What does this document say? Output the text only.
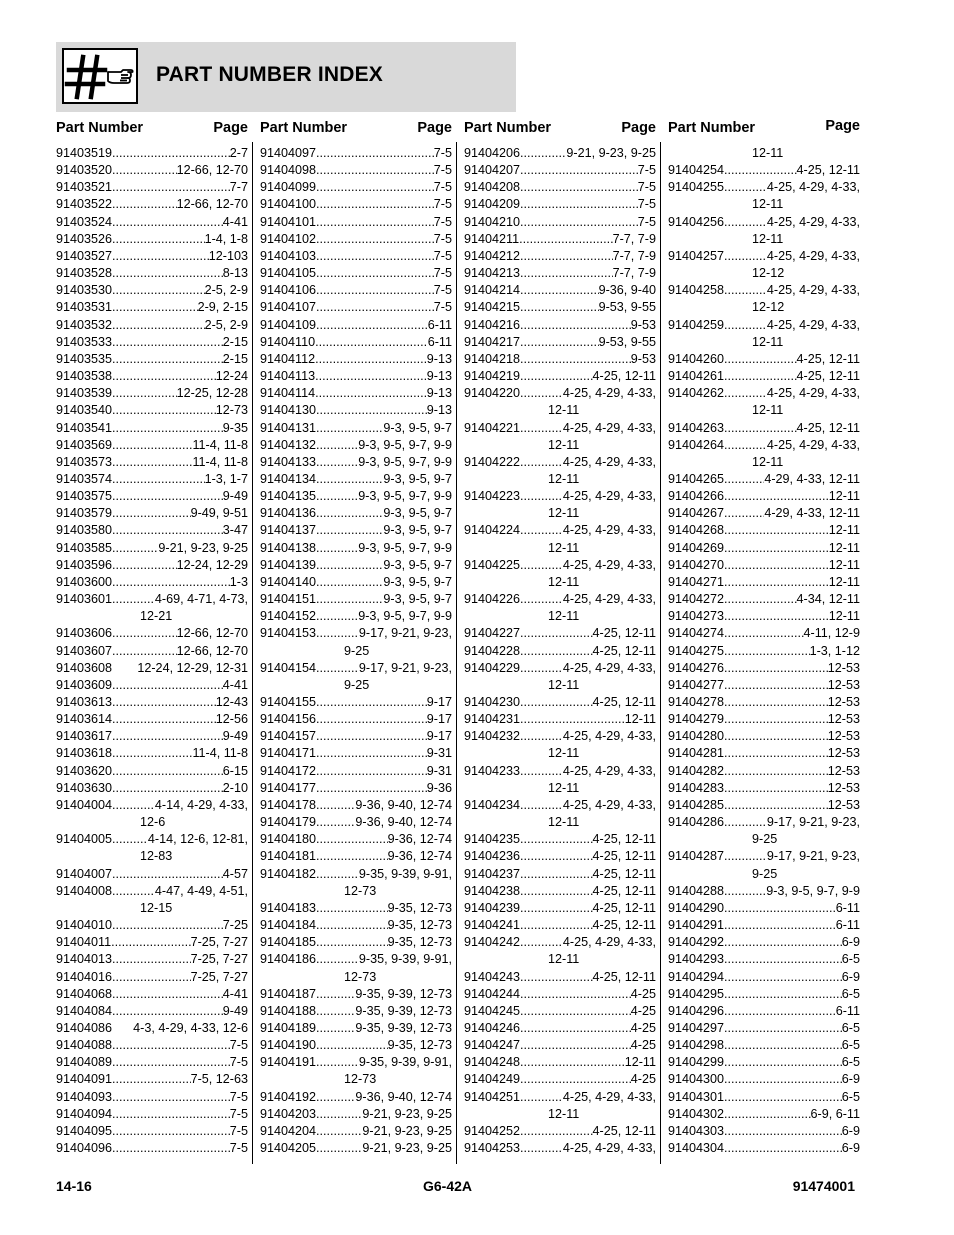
PART NUMBER INDEX
Part Number	Page
91403519 .....	2-7
91403520 .....	12-66, 12-70
91403521 .....	7-7
91403522 .....	12-66, 12-70
91403524 .....	4-41
91403526 .....	1-4, 1-8
91403527 .....	12-103
91403528 .....	8-13
91403530 .....	2-5, 2-9
91403531 .....	2-9, 2-15
91403532 .....	2-5, 2-9
91403533 .....	2-15
91403535 .....	2-15
91403538 .....	12-24
91403539 .....	12-25, 12-28
91403540 .....	12-73
91403541 .....	9-35
91403569 .....	11-4, 11-8
91403573 .....	11-4, 11-8
91403574 .....	1-3, 1-7
91403575 .....	9-49
91403579 .....	9-49, 9-51
91403580 .....	3-47
91403585 .....	9-21, 9-23, 9-25
91403596 .....	12-24, 12-29
91403600 .....	1-3
91403601 .....	4-69, 4-71, 4-73,
12-21
91403606 .....	12-66, 12-70
91403607 .....	12-66, 12-70
91403608 12-24, 12-29, 12-31
91403609 .....	4-41
91403613 .....	12-43
91403614 .....	12-56
91403617 .....	9-49
91403618 .....	11-4, 11-8
91403620 .....	6-15
91403630 .....	2-10
91404004 .....	4-14, 4-29, 4-33,
12-6
91404005 .....	4-14, 12-6, 12-81,
12-83
91404007 .....	4-57
91404008 .....	4-47, 4-49, 4-51,
12-15
91404010 .....	7-25
91404011 .....	7-25, 7-27
91404013 .....	7-25, 7-27
91404016 .....	7-25, 7-27
91404068 .....	4-41
91404084 .....	9-49
91404086 4-3, 4-29, 4-33, 12-6
91404088 .....	7-5
91404089 .....	7-5
91404091 .....	7-5, 12-63
91404093 .....	7-5
91404094 .....	7-5
91404095 .....	7-5
91404096 .....	7-5
Part Number	Page
91404097 .....	7-5
91404098 .....	7-5
91404099 .....	7-5
91404100 .....	7-5
91404101 .....	7-5
91404102 .....	7-5
91404103 .....	7-5
91404105 .....	7-5
91404106 .....	7-5
91404107 .....	7-5
91404109 .....	6-11
91404110 .....	6-11
91404112 .....	9-13
91404113 .....	9-13
91404114 .....	9-13
91404130 .....	9-13
91404131 .....	9-3, 9-5, 9-7
91404132 .....	9-3, 9-5, 9-7, 9-9
91404133 .....	9-3, 9-5, 9-7, 9-9
91404134 .....	9-3, 9-5, 9-7
91404135 .....	9-3, 9-5, 9-7, 9-9
91404136 .....	9-3, 9-5, 9-7
91404137 .....	9-3, 9-5, 9-7
91404138 .....	9-3, 9-5, 9-7, 9-9
91404139 .....	9-3, 9-5, 9-7
91404140 .....	9-3, 9-5, 9-7
91404151 .....	9-3, 9-5, 9-7
91404152 .....	9-3, 9-5, 9-7, 9-9
91404153 .....	9-17, 9-21, 9-23,
9-25
91404154 .....	9-17, 9-21, 9-23,
9-25
91404155 .....	9-17
91404156 .....	9-17
91404157 .....	9-17
91404171 .....	9-31
91404172 .....	9-31
91404177 .....	9-36
91404178 .....	9-36, 9-40, 12-74
91404179 .....	9-36, 9-40, 12-74
91404180 .....	9-36, 12-74
91404181 .....	9-36, 12-74
91404182 .....	9-35, 9-39, 9-91,
12-73
91404183 .....	9-35, 12-73
91404184 .....	9-35, 12-73
91404185 .....	9-35, 12-73
91404186 .....	9-35, 9-39, 9-91,
12-73
91404187 .....	9-35, 9-39, 12-73
91404188 .....	9-35, 9-39, 12-73
91404189 .....	9-35, 9-39, 12-73
91404190 .....	9-35, 12-73
91404191 .....	9-35, 9-39, 9-91,
12-73
91404192 .....	9-36, 9-40, 12-74
91404203 .....	9-21, 9-23, 9-25
91404204 .....	9-21, 9-23, 9-25
91404205 .....	9-21, 9-23, 9-25
Part Number	Page
91404206 .....	9-21, 9-23, 9-25
91404207 .....	7-5
91404208 .....	7-5
91404209 .....	7-5
91404210 .....	7-5
91404211 .....	7-7, 7-9
91404212 .....	7-7, 7-9
91404213 .....	7-7, 7-9
91404214 .....	9-36, 9-40
91404215 .....	9-53, 9-55
91404216 .....	9-53
91404217 .....	9-53, 9-55
91404218 .....	9-53
91404219 .....	4-25, 12-11
91404220 .....	4-25, 4-29, 4-33,
12-11
91404221 .....	4-25, 4-29, 4-33,
12-11
91404222 .....	4-25, 4-29, 4-33,
12-11
91404223 .....	4-25, 4-29, 4-33,
12-11
91404224 .....	4-25, 4-29, 4-33,
12-11
91404225 .....	4-25, 4-29, 4-33,
12-11
91404226 .....	4-25, 4-29, 4-33,
12-11
91404227 .....	4-25, 12-11
91404228 .....	4-25, 12-11
91404229 .....	4-25, 4-29, 4-33,
12-11
91404230 .....	4-25, 12-11
91404231 .....	12-11
91404232 .....	4-25, 4-29, 4-33,
12-11
91404233 .....	4-25, 4-29, 4-33,
12-11
91404234 .....	4-25, 4-29, 4-33,
12-11
91404235 .....	4-25, 12-11
91404236 .....	4-25, 12-11
91404237 .....	4-25, 12-11
91404238 .....	4-25, 12-11
91404239 .....	4-25, 12-11
91404241 .....	4-25, 12-11
91404242 .....	4-25, 4-29, 4-33,
12-11
91404243 .....	4-25, 12-11
91404244 .....	4-25
91404245 .....	4-25
91404246 .....	4-25
91404247 .....	4-25
91404248 .....	12-11
91404249 .....	4-25
91404251 .....	4-25, 4-29, 4-33,
12-11
91404252 .....	4-25, 12-11
91404253 .....	4-25, 4-29, 4-33,
Part Number	Page
12-11
91404254 .....	4-25, 12-11
91404255 .....	4-25, 4-29, 4-33,
12-11
91404256 .....	4-25, 4-29, 4-33,
12-11
91404257 .....	4-25, 4-29, 4-33,
12-12
91404258 .....	4-25, 4-29, 4-33,
12-12
91404259 .....	4-25, 4-29, 4-33,
12-11
91404260 .....	4-25, 12-11
91404261 .....	4-25, 12-11
91404262 .....	4-25, 4-29, 4-33,
12-11
91404263 .....	4-25, 12-11
91404264 .....	4-25, 4-29, 4-33,
12-11
91404265 .....	4-29, 4-33, 12-11
91404266 .....	12-11
91404267 .....	4-29, 4-33, 12-11
91404268 .....	12-11
91404269 .....	12-11
91404270 .....	12-11
91404271 .....	12-11
91404272 .....	4-34, 12-11
91404273 .....	12-11
91404274 .....	4-11, 12-9
91404275 .....	1-3, 1-12
91404276 .....	12-53
91404277 .....	12-53
91404278 .....	12-53
91404279 .....	12-53
91404280 .....	12-53
91404281 .....	12-53
91404282 .....	12-53
91404283 .....	12-53
91404285 .....	12-53
91404286 .....	9-17, 9-21, 9-23,
9-25
91404287 .....	9-17, 9-21, 9-23,
9-25
91404288 .....	9-3, 9-5, 9-7, 9-9
91404290 .....	6-11
91404291 .....	6-11
91404292 .....	6-9
91404293 .....	6-5
91404294 .....	6-9
91404295 .....	6-5
91404296 .....	6-11
91404297 .....	6-5
91404298 .....	6-5
91404299 .....	6-5
91404300 .....	6-9
91404301 .....	6-5
91404302 .....	6-9, 6-11
91404303 .....	6-9
91404304 .....	6-9
14-16	G6-42A	91474001
